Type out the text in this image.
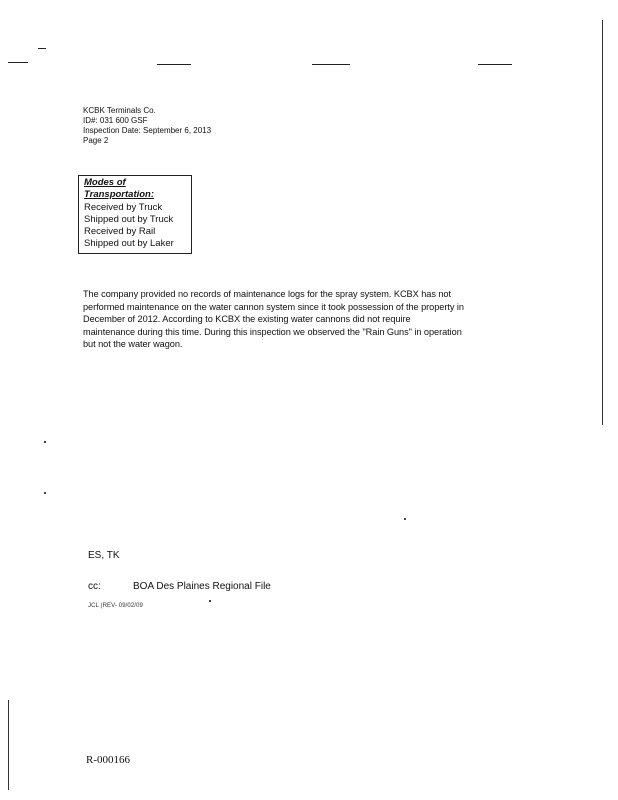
KCBK Terminals Co.
ID#: 031 600 GSF
Inspection Date: September 6, 2013
Page 2
Modes of
Transportation:
Received by Truck
Shipped out by Truck
Received by Rail
Shipped out by Laker
The company provided no records of maintenance logs for the spray system. KCBX has not
performed maintenance on the water cannon system since it took possession of the property in
December of 2012. According to KCBX the existing water cannons did not require
maintenance during this time. During this inspection we observed the "Rain Guns" in operation
but not the water wagon.
ES, TK
cc:	BOA Des Plaines Regional File
JCL (REV- 09/02/09
R-000166
